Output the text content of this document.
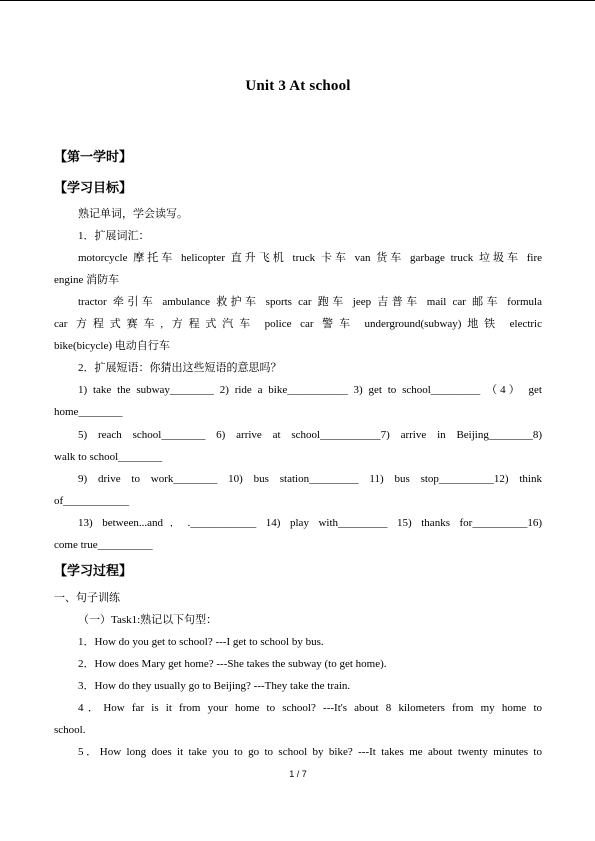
Unit 3 At school
【第一学时】
【学习目标】
熟记单词，学会读写。
1．扩展词汇：
motorcycle 摩托车 helicopter 直升飞机 truck 卡车 van 货车 garbage truck 垃圾车 fire
engine 消防车
tractor 牵引车 ambulance 救护车 sports car 跑车 jeep 吉普车 mail car 邮车 formula
car 方程式赛车, 方程式汽车 police car 警车 underground(subway)地铁 electric
bike(bicycle) 电动自行车
2．扩展短语：你猜出这些短语的意思吗？
1) take the subway________ 2) ride a bike___________ 3) get to school_________ （4） get
home________
5) reach school________ 6) arrive at school___________7) arrive in Beijing________8)
walk to school________
9) drive to work________ 10) bus station_________ 11) bus stop__________12) think
of____________
13) between...and．.____________ 14) play with_________ 15) thanks for__________16)
come true__________
【学习过程】
一、句子训练
（一）Task1:熟记以下句型：
1．How do you get to school? ---I get to school by bus.
2．How does Mary get home? ---She takes the subway (to get home).
3．How do they usually go to Beijing? ---They take the train.
4．How far is it from your home to school? ---It's about 8 kilometers from my home to
school.
5．How long does it take you to go to school by bike? ---It takes me about twenty minutes to
1 / 7
